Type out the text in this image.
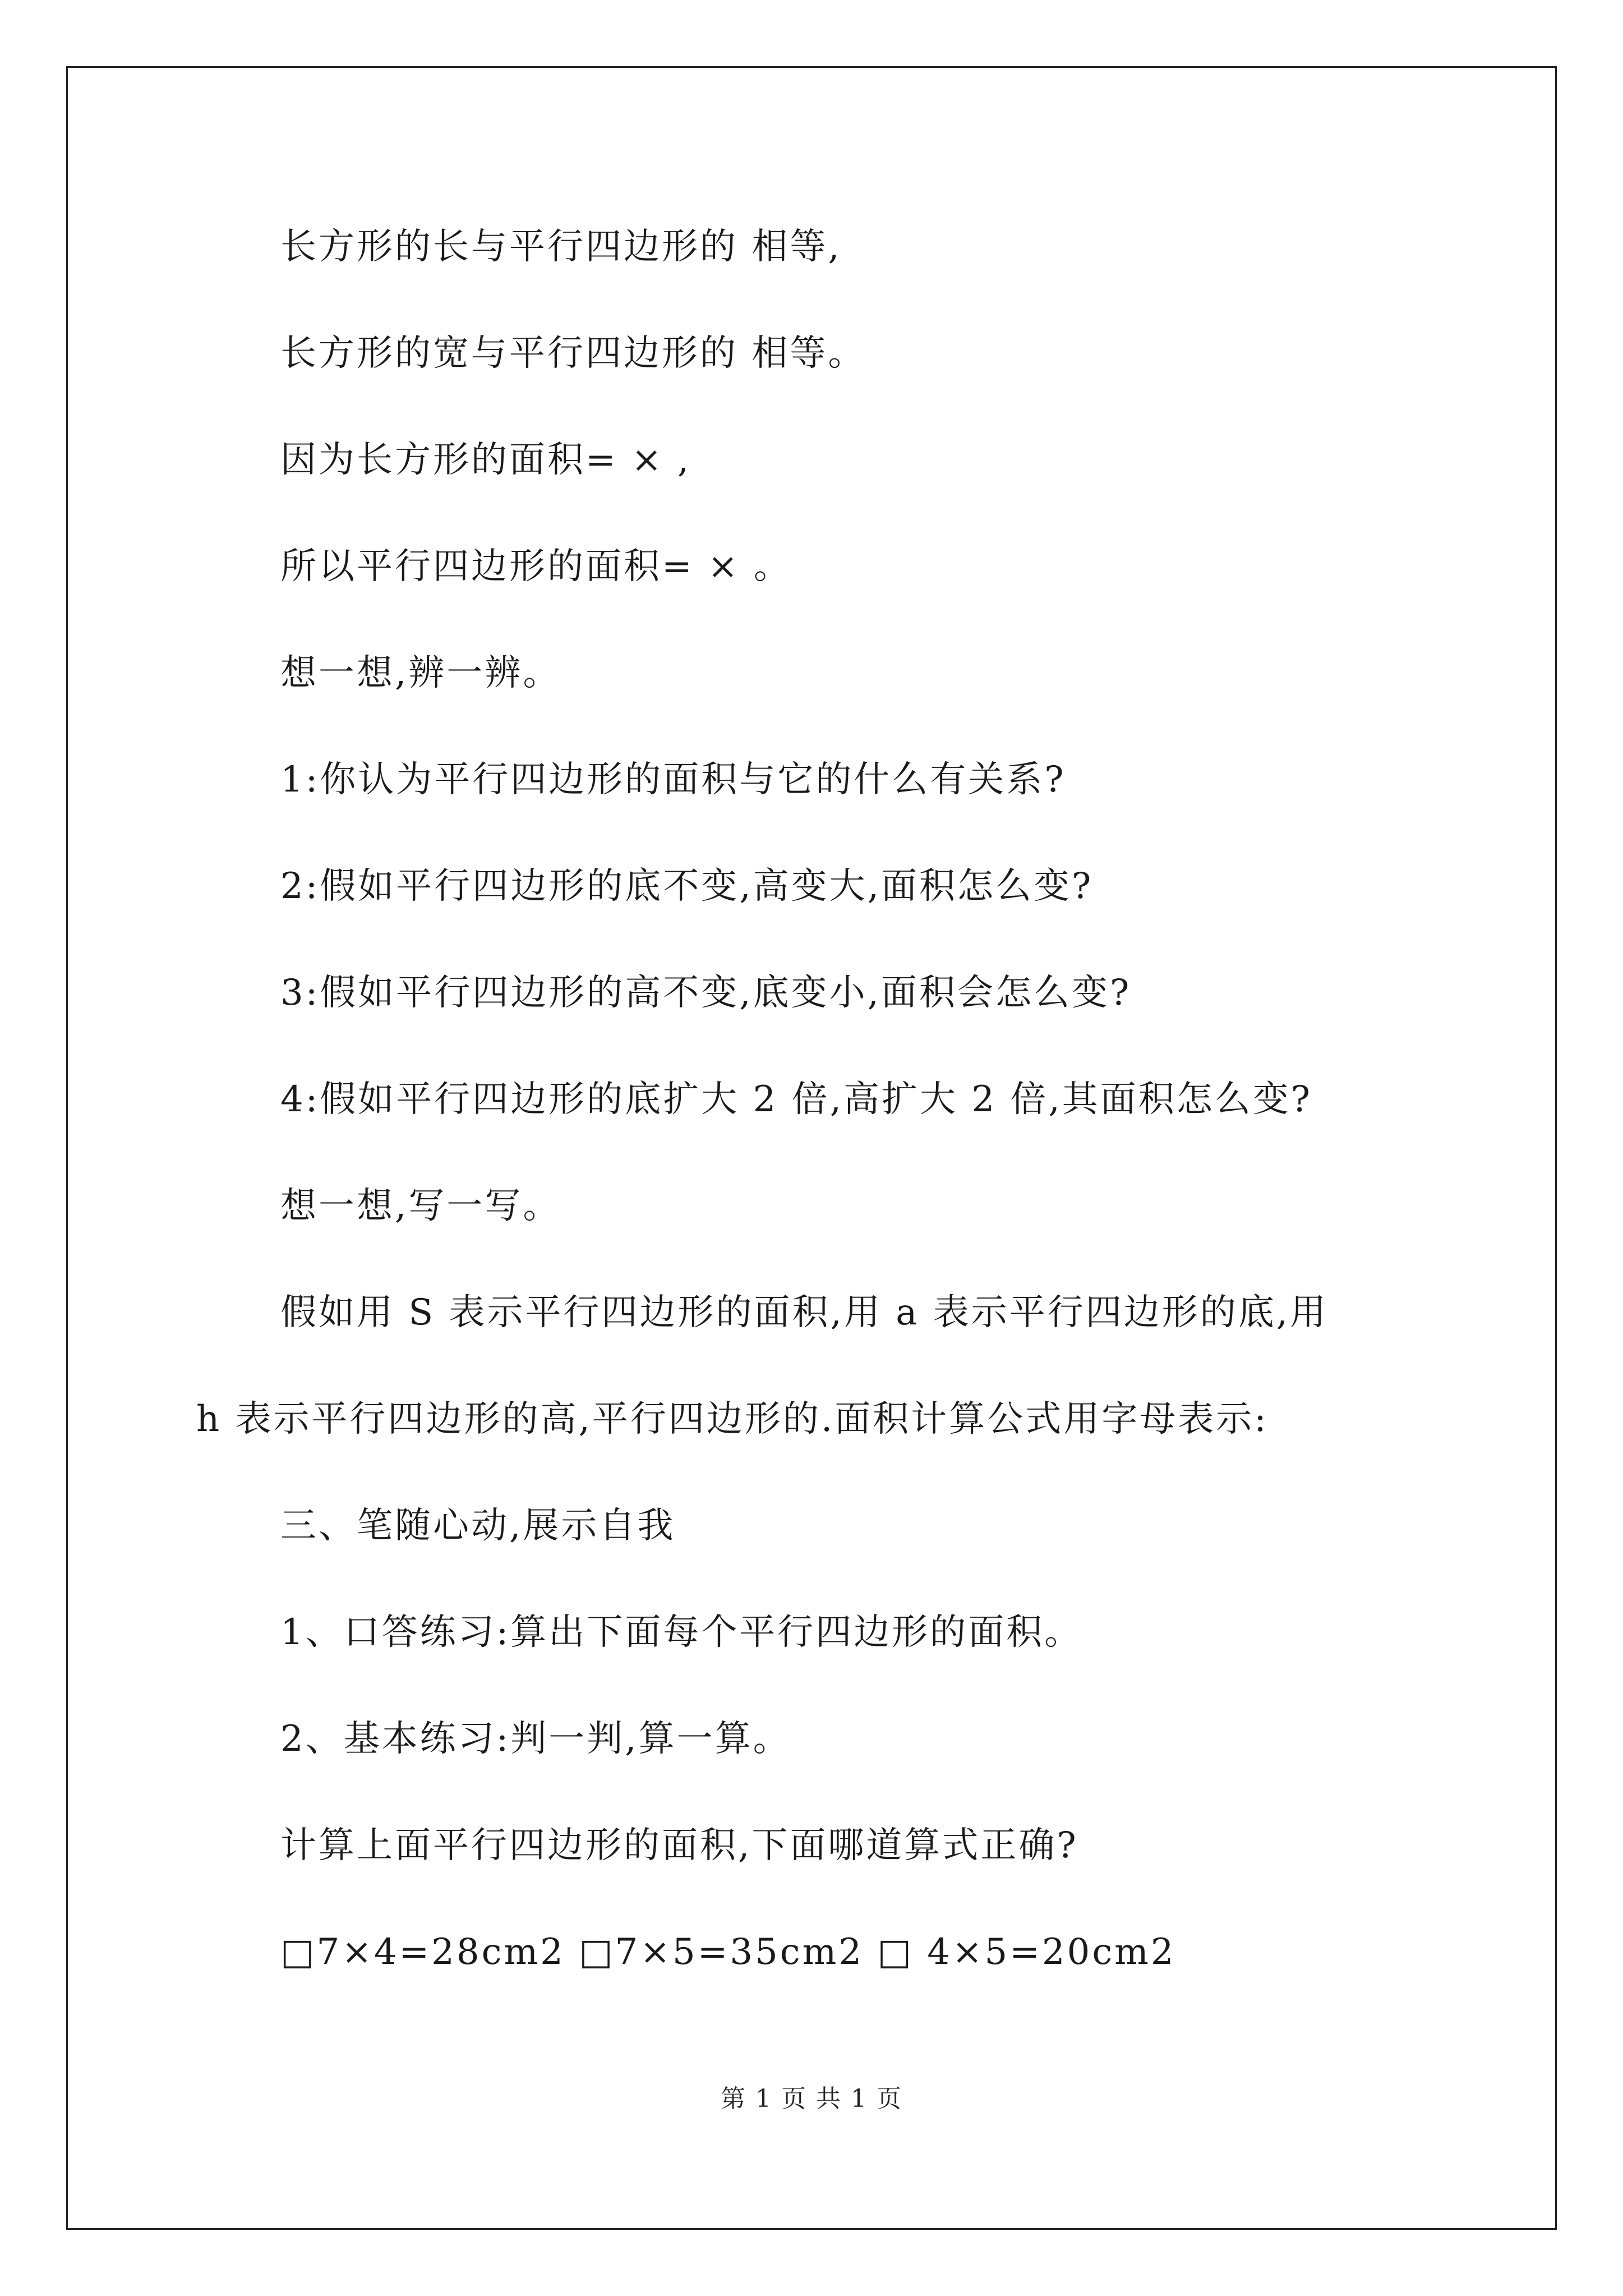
长方形的长与平行四边形的 相等,
长方形的宽与平行四边形的 相等。
因为长方形的面积= × ,
所以平行四边形的面积= × 。
想一想,辨一辨。
1:你认为平行四边形的面积与它的什么有关系?
2:假如平行四边形的底不变,高变大,面积怎么变?
3:假如平行四边形的高不变,底变小,面积会怎么变?
4:假如平行四边形的底扩大 2 倍,高扩大 2 倍,其面积怎么变?
想一想,写一写。
假如用 S 表示平行四边形的面积,用 a 表示平行四边形的底,用
h 表示平行四边形的高,平行四边形的.面积计算公式用字母表示:
三、笔随心动,展示自我
1、口答练习:算出下面每个平行四边形的面积。
2、基本练习:判一判,算一算。
计算上面平行四边形的面积,下面哪道算式正确?
□7×4=28cm2 □7×5=35cm2 □ 4×5=20cm2
第 1 页 共 1 页
